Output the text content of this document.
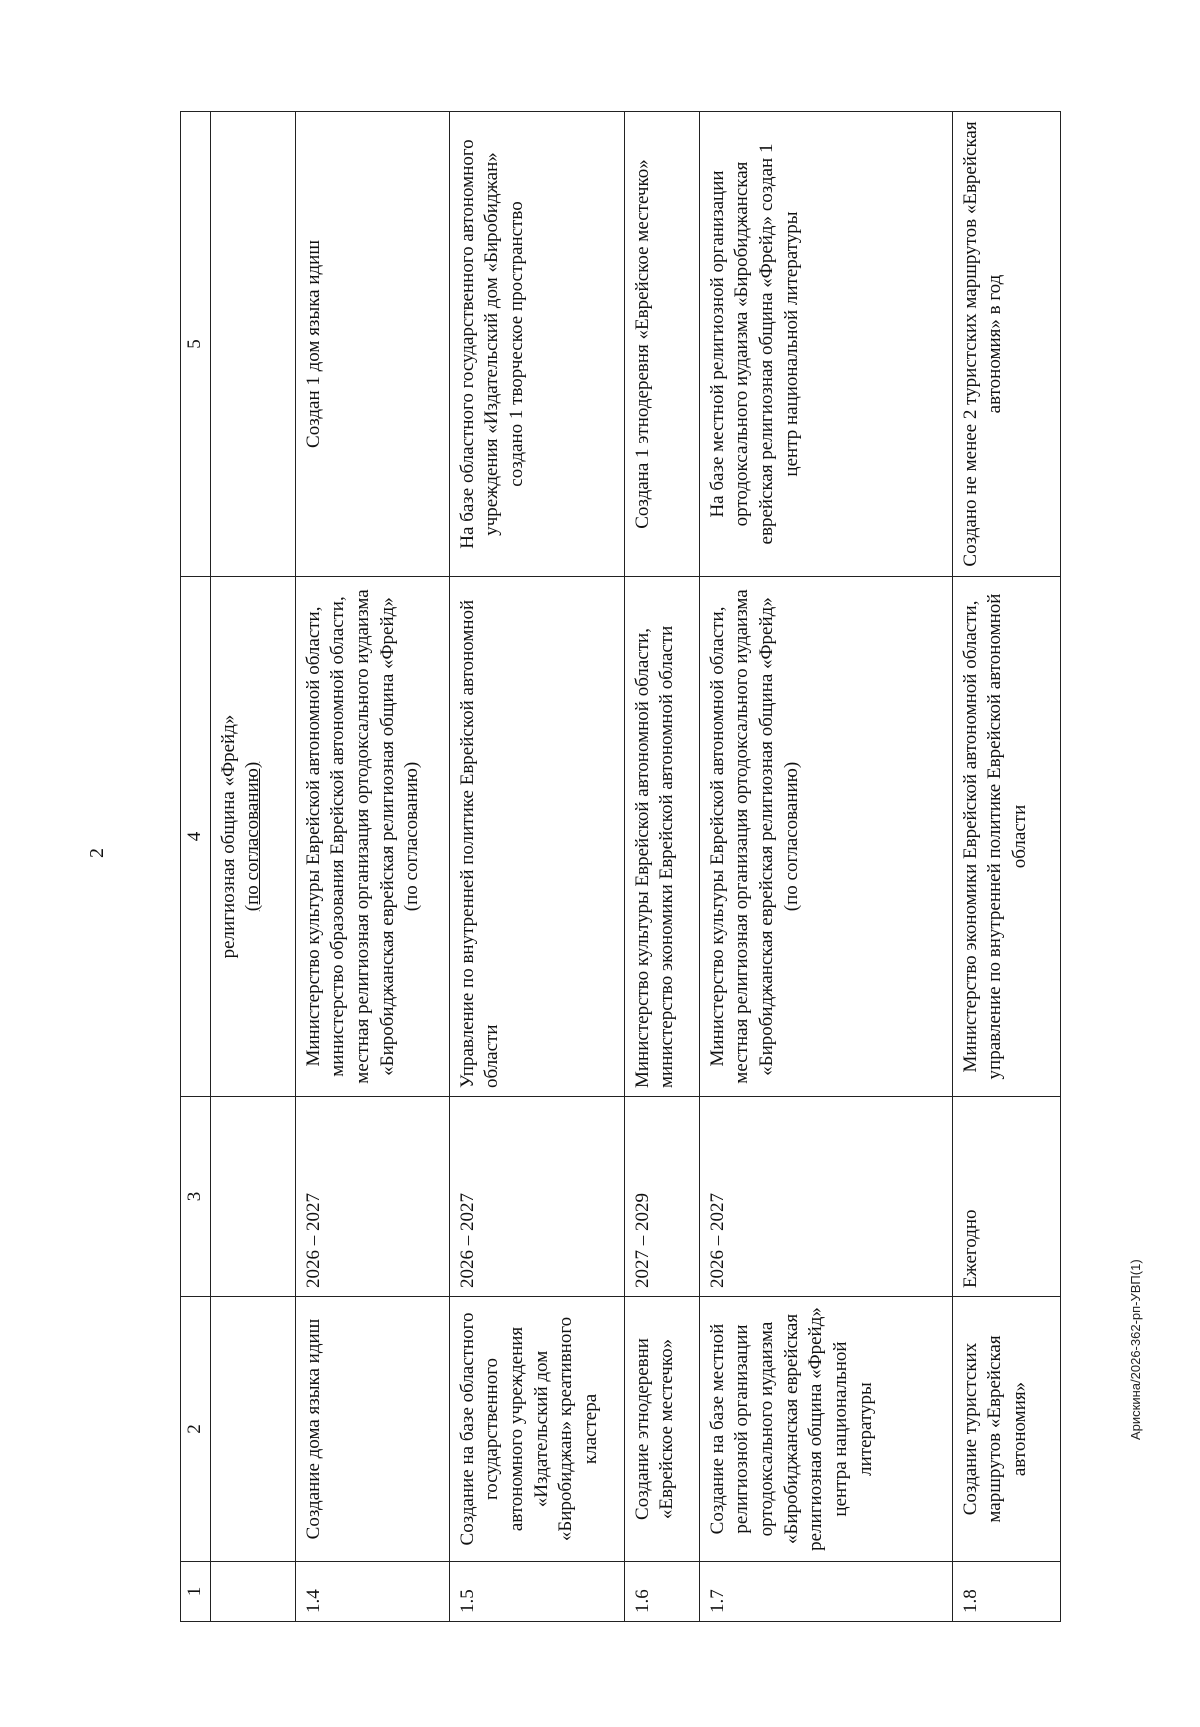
2
1	2	3	4	5

			религиозная община «Фрейд» (по согласованию)	

1.4	Создание дома языка идиш	2026 – 2027	Министерство культуры Еврейской автономной области, министерство образования Еврейской автономной области, местная религиозная организация ортодоксального иудаизма «Биробиджанская еврейская религиозная община «Фрейд» (по согласованию)	Создан 1 дом языка идиш
1.5	Создание на базе областного государственного автономного учреждения «Издательский дом «Биробиджан» креативного кластера	2026 – 2027	Управление по внутренней политике Еврейской автономной области	На базе областного государственного автономного учреждения «Издательский дом «Биробиджан» создано 1 творческое пространство
1.6	Создание этнодеревни «Еврейское местечко»	2027 – 2029	Министерство культуры Еврейской автономной области, министерство экономики Еврейской автономной области	Создана 1 этнодеревня «Еврейское местечко»
1.7	Создание на базе местной религиозной организации ортодоксального иудаизма «Биробиджанская еврейская религиозная община «Фрейд» центра национальной литературы	2026 – 2027	Министерство культуры Еврейской автономной области, местная религиозная организация ортодоксального иудаизма «Биробиджанская еврейская религиозная община «Фрейд» (по согласованию)	На базе местной религиозной организации ортодоксального иудаизма «Биробиджанская еврейская религиозная община «Фрейд» создан 1 центр национальной литературы
1.8	Создание туристских маршрутов «Еврейская автономия»	Ежегодно	Министерство экономики Еврейской автономной области, управление по внутренней политике Еврейской автономной области	Создано не менее 2 туристских маршрутов «Еврейская автономия» в год
Арискина/2026-362-рп-УВП(1)
